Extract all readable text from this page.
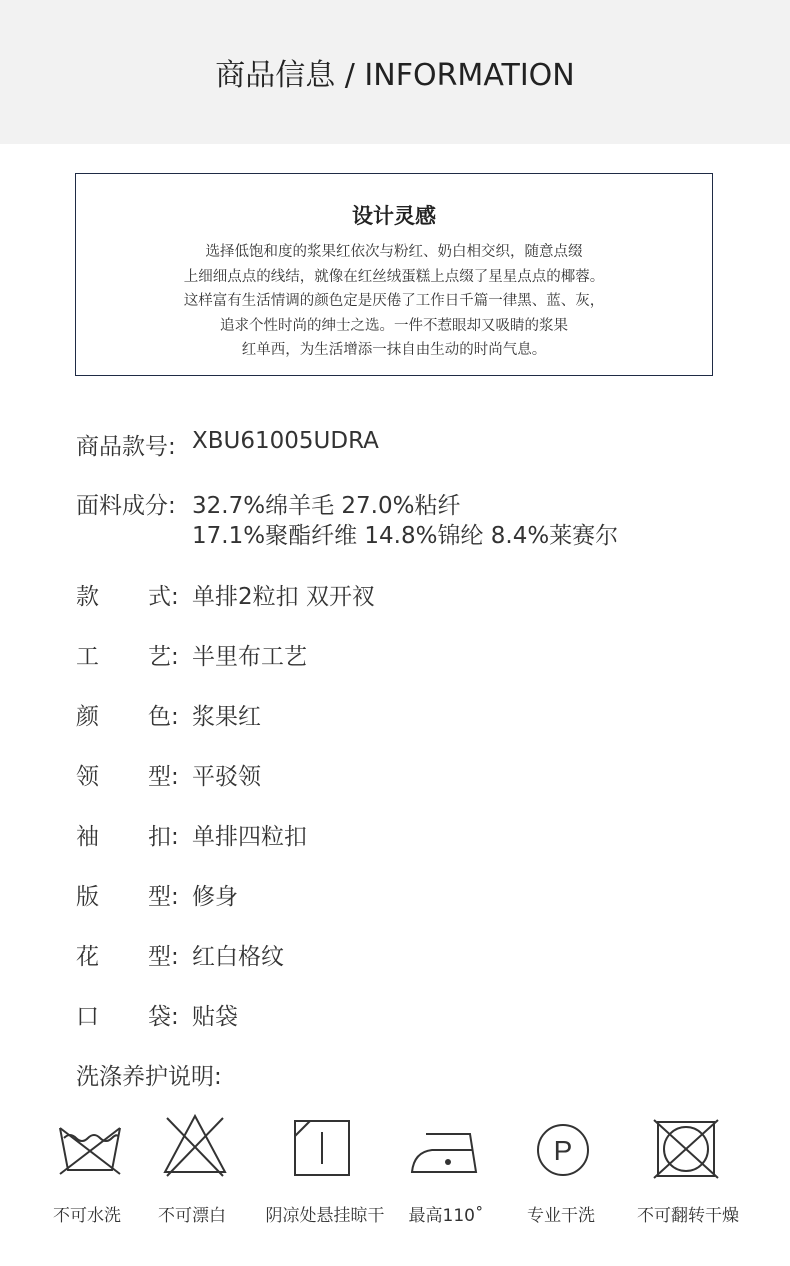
商品信息 / INFORMATION
设计灵感
选择低饱和度的浆果红依次与粉红、奶白相交织，随意点缀
上细细点点的线结，就像在红丝绒蛋糕上点缀了星星点点的椰蓉。
这样富有生活情调的颜色定是厌倦了工作日千篇一律黑、蓝、灰，
追求个性时尚的绅士之选。一件不惹眼却又吸睛的浆果
红单西，为生活增添一抹自由生动的时尚气息。
商品款号: XBU61005UDRA
面料成分: 32.7%绵羊毛 27.0%粘纤
17.1%聚酯纤维 14.8%锦纶 8.4%莱赛尔
款 式: 单排2粒扣 双开衩
工 艺: 半里布工艺
颜 色: 浆果红
领 型: 平驳领
袖 扣: 单排四粒扣
版 型: 修身
花 型: 红白格纹
口 袋: 贴袋
洗涤养护说明:
P
不可水洗	不可漂白	阴凉处悬挂晾干	最高110˚	专业干洗	不可翻转干燥
